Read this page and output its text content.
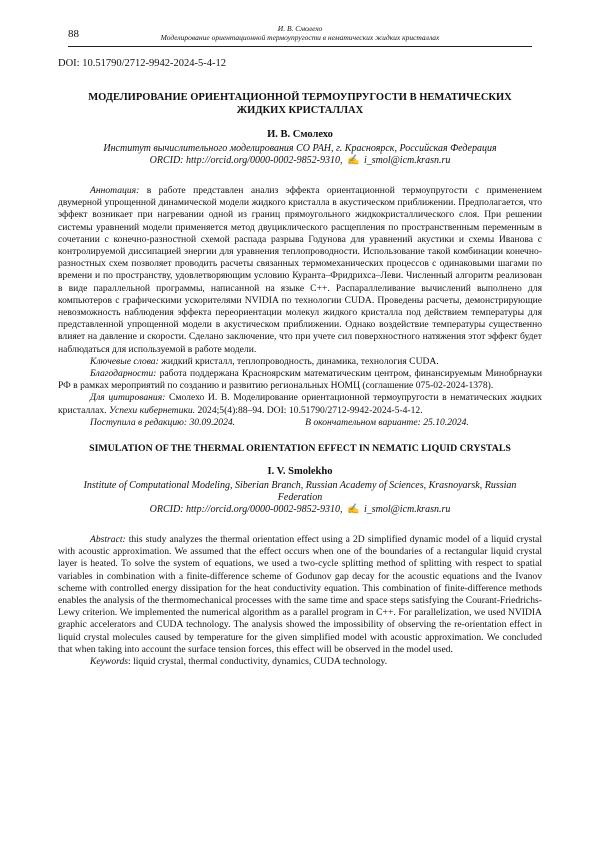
88	И. В. Смолехо
Моделирование ориентационной термоупругости в нематических жидких кристаллах
DOI: 10.51790/2712-9942-2024-5-4-12
МОДЕЛИРОВАНИЕ ОРИЕНТАЦИОННОЙ ТЕРМОУПРУГОСТИ В НЕМАТИЧЕСКИХ ЖИДКИХ КРИСТАЛЛАХ
И. В. Смолехо
Институт вычислительного моделирования СО РАН, г. Красноярск, Российская Федерация
ORCID: http://orcid.org/0000-0002-9852-9310, ✍ i_smol@icm.krasn.ru

Аннотация: в работе представлен анализ эффекта ориентационной термоупругости с применением двумерной упрощенной динамической модели жидкого кристалла в акустическом приближении. Предполагается, что эффект возникает при нагревании одной из границ прямоугольного жидкокристаллического слоя. При решении системы уравнений модели применяется метод двуциклического расщепления по пространственным переменным в сочетании с конечно-разностной схемой распада разрыва Годунова для уравнений акустики и схемы Иванова с контролируемой диссипацией энергии для уравнения теплопроводности. Использование такой комбинации конечно-разностных схем позволяет проводить расчеты связанных термомеханических процессов с одинаковыми шагами по времени и по пространству, удовлетворяющим условию Куранта–Фридрихса–Леви. Численный алгоритм реализован в виде параллельной программы, написанной на языке C++. Распараллеливание вычислений выполнено для компьютеров с графическими ускорителями NVIDIA по технологии CUDA. Проведены расчеты, демонстрирующие невозможность наблюдения эффекта переориентации молекул жидкого кристалла под действием температуры для представленной упрощенной модели в акустическом приближении. Однако воздействие температуры существенно влияет на давление и скорости. Сделано заключение, что при учете сил поверхностного натяжения этот эффект будет наблюдаться для используемой в работе модели.

Ключевые слова: жидкий кристалл, теплопроводность, динамика, технология CUDA.

Благодарности: работа поддержана Красноярским математическим центром, финансируемым Минобрнауки РФ в рамках мероприятий по созданию и развитию региональных НОМЦ (соглашение 075-02-2024-1378).

Для цитирования: Смолехо И. В. Моделирование ориентационной термоупругости в нематических жидких кристаллах. Успехи кибернетики. 2024;5(4):88–94. DOI: 10.51790/2712-9942-2024-5-4-12.

Поступила в редакцию: 30.09.2024.	В окончательном варианте: 25.10.2024.
SIMULATION OF THE THERMAL ORIENTATION EFFECT IN NEMATIC LIQUID CRYSTALS
I. V. Smolekho
Institute of Computational Modeling, Siberian Branch, Russian Academy of Sciences, Krasnoyarsk, Russian Federation
ORCID: http://orcid.org/0000-0002-9852-9310, ✍ i_smol@icm.krasn.ru

Abstract: this study analyzes the thermal orientation effect using a 2D simplified dynamic model of a liquid crystal with acoustic approximation. We assumed that the effect occurs when one of the boundaries of a rectangular liquid crystal layer is heated. To solve the system of equations, we used a two-cycle splitting method of splitting with respect to spatial variables in combination with a finite-difference scheme of Godunov gap decay for the acoustic equations and the Ivanov scheme with controlled energy dissipation for the heat conductivity equation. This combination of finite-difference methods enables the analysis of the thermomechanical processes with the same time and space steps satisfying the Courant-Friedrichs-Lewy criterion. We implemented the numerical algorithm as a parallel program in C++. For parallelization, we used NVIDIA graphic accelerators and CUDA technology. The analysis showed the impossibility of observing the re-orientation effect in liquid crystal molecules caused by temperature for the given simplified model with acoustic approximation. We concluded that when taking into account the surface tension forces, this effect will be observed in the model used.

Keywords: liquid crystal, thermal conductivity, dynamics, CUDA technology.
